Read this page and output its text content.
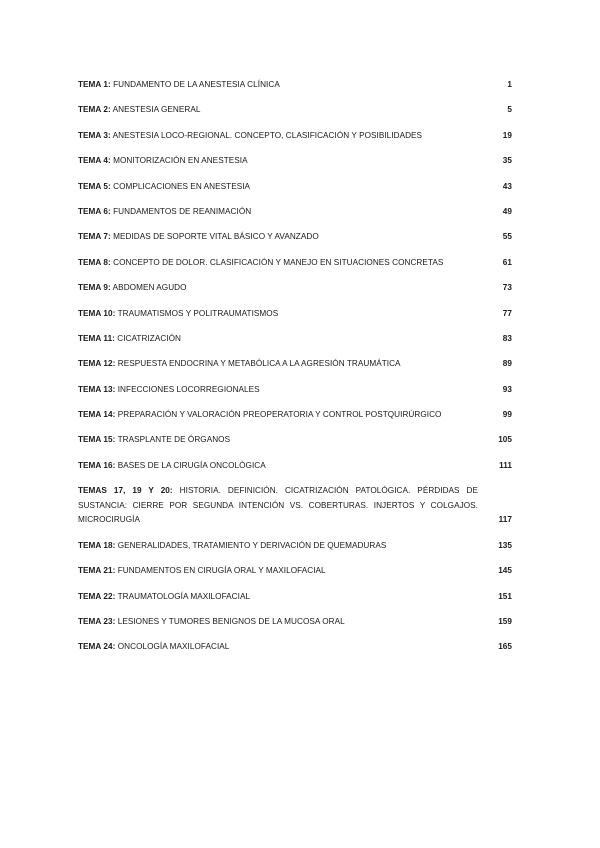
TEMA 1: FUNDAMENTO DE LA ANESTESIA CLÍNICA	1
TEMA 2: ANESTESIA GENERAL	5
TEMA 3: ANESTESIA LOCO-REGIONAL. CONCEPTO, CLASIFICACIÓN Y POSIBILIDADES	19
TEMA 4: MONITORIZACIÓN EN ANESTESIA	35
TEMA 5: COMPLICACIONES EN ANESTESIA	43
TEMA 6: FUNDAMENTOS DE REANIMACIÓN	49
TEMA 7: MEDIDAS DE SOPORTE VITAL BÁSICO Y AVANZADO	55
TEMA 8: CONCEPTO DE DOLOR. CLASIFICACIÓN Y MANEJO EN SITUACIONES CONCRETAS	61
TEMA 9: ABDOMEN AGUDO	73
TEMA 10: TRAUMATISMOS Y POLITRAUMATISMOS	77
TEMA 11: CICATRIZACIÓN	83
TEMA 12: RESPUESTA ENDOCRINA Y METABÓLICA A LA AGRESIÓN TRAUMÁTICA	89
TEMA 13: INFECCIONES LOCORREGIONALES	93
TEMA 14: PREPARACIÓN Y VALORACIÓN PREOPERATORIA Y CONTROL POSTQUIRÚRGICO	99
TEMA 15: TRASPLANTE DE ÓRGANOS	105
TEMA 16: BASES DE LA CIRUGÍA ONCOLÓGICA	111
TEMAS 17, 19 Y 20: HISTORIA. DEFINICIÓN. CICATRIZACIÓN PATOLÓGICA. PÉRDIDAS DE SUSTANCIA: CIERRE POR SEGUNDA INTENCIÓN VS. COBERTURAS. INJERTOS Y COLGAJOS. MICROCIRUGÍA	117
TEMA 18: GENERALIDADES, TRATAMIENTO Y DERIVACIÓN DE QUEMADURAS	135
TEMA 21: FUNDAMENTOS EN CIRUGÍA ORAL Y MAXILOFACIAL	145
TEMA 22: TRAUMATOLOGÍA MAXILOFACIAL	151
TEMA 23: LESIONES Y TUMORES BENIGNOS DE LA MUCOSA ORAL	159
TEMA 24: ONCOLOGÍA MAXILOFACIAL	165
